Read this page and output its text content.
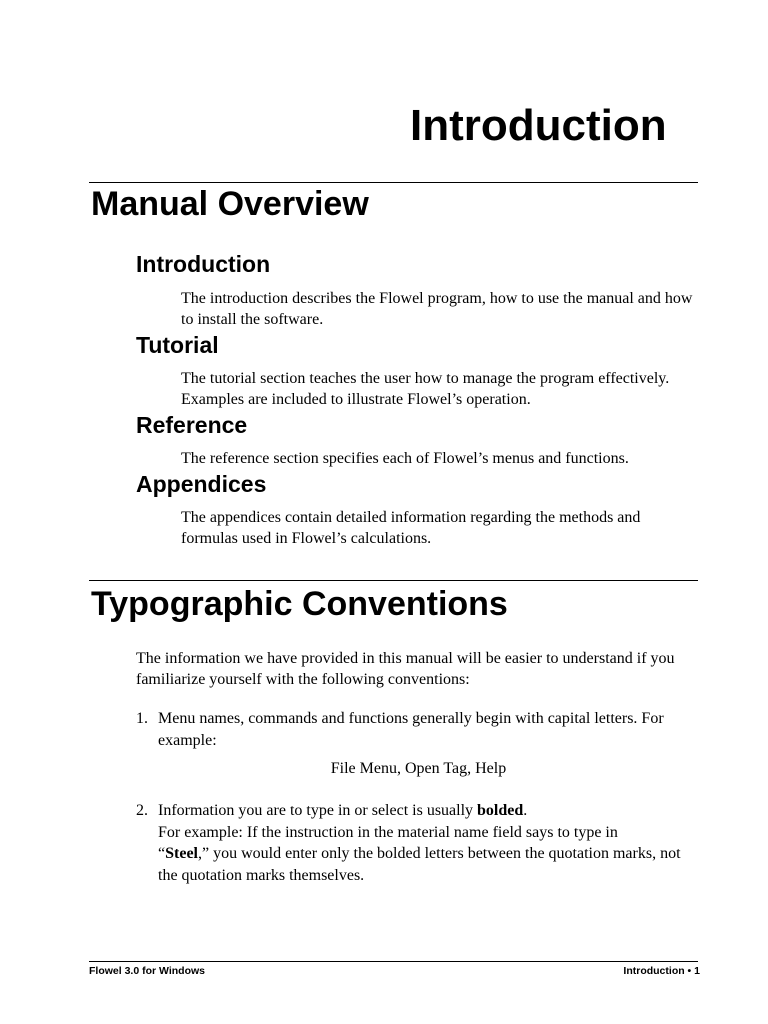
Introduction
Manual Overview
Introduction

The introduction describes the Flowel program, how to use the manual and how to install the software.

Tutorial

The tutorial section teaches the user how to manage the program effectively. Examples are included to illustrate Flowel’s operation.

Reference

The reference section specifies each of Flowel’s menus and functions.

Appendices

The appendices contain detailed information regarding the methods and formulas used in Flowel’s calculations.

Typographic Conventions

The information we have provided in this manual will be easier to understand if you familiarize yourself with the following conventions:

1. Menu names, commands and functions generally begin with capital letters. For example:

File Menu, Open Tag, Help

2. Information you are to type in or select is usually bolded.
For example: If the instruction in the material name field says to type in
“Steel,” you would enter only the bolded letters between the quotation marks, not the quotation marks themselves.
Flowel 3.0 for Windows	Introduction • 1
